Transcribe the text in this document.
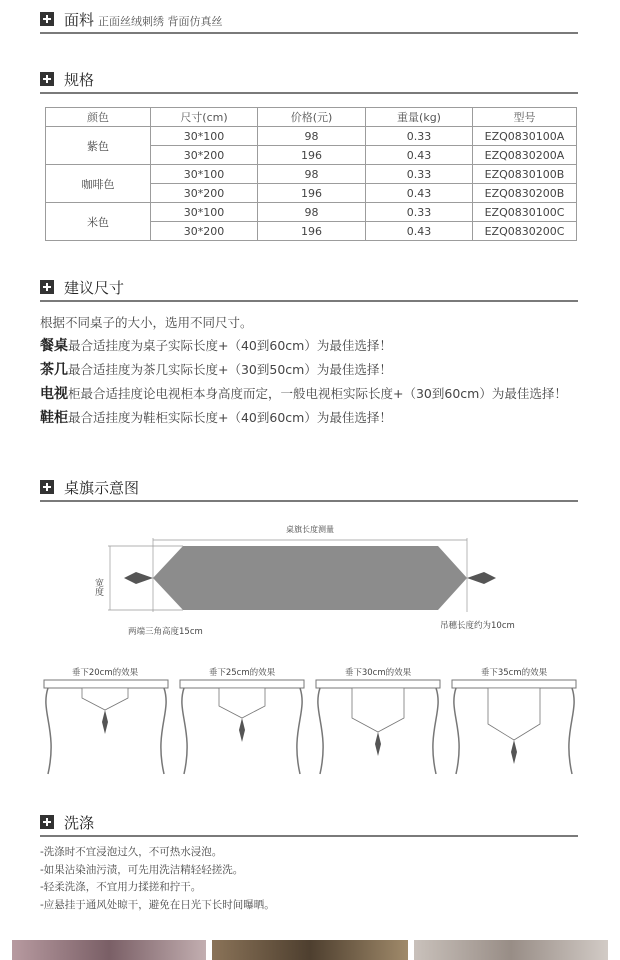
面料 正面丝绒刺绣 背面仿真丝
规格
颜色	尺寸(cm)	价格(元)	重量(kg)	型号
紫色	30*100	98	0.33	EZQ0830100A
	30*200	196	0.43	EZQ0830200A
咖啡色	30*100	98	0.33	EZQ0830100B
	30*200	196	0.43	EZQ0830200B
米色	30*100	98	0.33	EZQ0830100C
	30*200	196	0.43	EZQ0830200C
建议尺寸

根据不同桌子的大小，选用不同尺寸。

餐桌最合适挂度为桌子实际长度+（40到60cm）为最佳选择！

茶几最合适挂度为茶几实际长度+（30到50cm）为最佳选择！

电视柜最合适挂度论电视柜本身高度而定，一般电视柜实际长度+（30到60cm）为最佳选择！

鞋柜最合适挂度为鞋柜实际长度+（40到60cm）为最佳选择！

桌旗示意图
桌旗长度测量
宽度
两端三角高度15cm
吊穗长度约为10cm
垂下20cm的效果	垂下25cm的效果	垂下30cm的效果	垂下35cm的效果
洗涤

-洗涤时不宜浸泡过久，不可热水浸泡。

-如果沾染油污渍，可先用洗洁精轻轻搓洗。

-轻柔洗涤，不宜用力揉搓和拧干。

-应悬挂于通风处晾干，避免在日光下长时间曝晒。
